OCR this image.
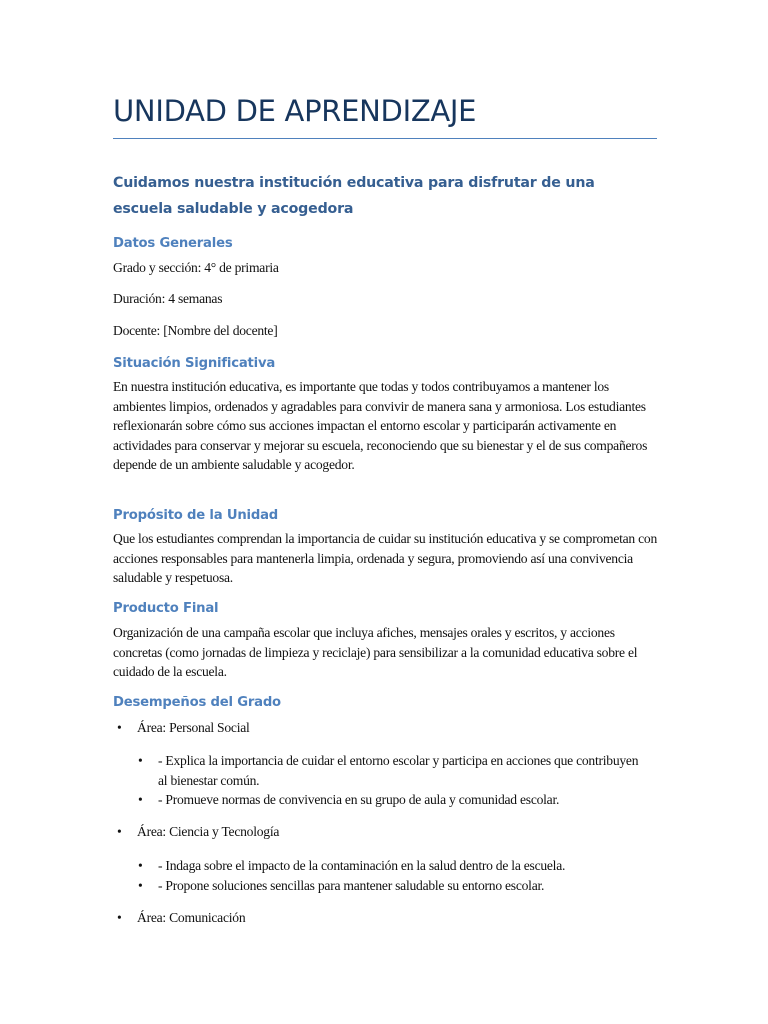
UNIDAD DE APRENDIZAJE
Cuidamos nuestra institución educativa para disfrutar de una escuela saludable y acogedora
Datos Generales

Grado y sección: 4° de primaria

Duración: 4 semanas

Docente: [Nombre del docente]

Situación Significativa

En nuestra institución educativa, es importante que todas y todos contribuyamos a mantener los ambientes limpios, ordenados y agradables para convivir de manera sana y armoniosa. Los estudiantes reflexionarán sobre cómo sus acciones impactan el entorno escolar y participarán activamente en actividades para conservar y mejorar su escuela, reconociendo que su bienestar y el de sus compañeros depende de un ambiente saludable y acogedor.

Propósito de la Unidad

Que los estudiantes comprendan la importancia de cuidar su institución educativa y se comprometan con acciones responsables para mantenerla limpia, ordenada y segura, promoviendo así una convivencia saludable y respetuosa.

Producto Final

Organización de una campaña escolar que incluya afiches, mensajes orales y escritos, y acciones concretas (como jornadas de limpieza y reciclaje) para sensibilizar a la comunidad educativa sobre el cuidado de la escuela.

Desempeños del Grado
• Área: Personal Social
• - Explica la importancia de cuidar el entorno escolar y participa en acciones que contribuyen al bienestar común.
• - Promueve normas de convivencia en su grupo de aula y comunidad escolar.
• Área: Ciencia y Tecnología
• - Indaga sobre el impacto de la contaminación en la salud dentro de la escuela.
• - Propone soluciones sencillas para mantener saludable su entorno escolar.
• Área: Comunicación
